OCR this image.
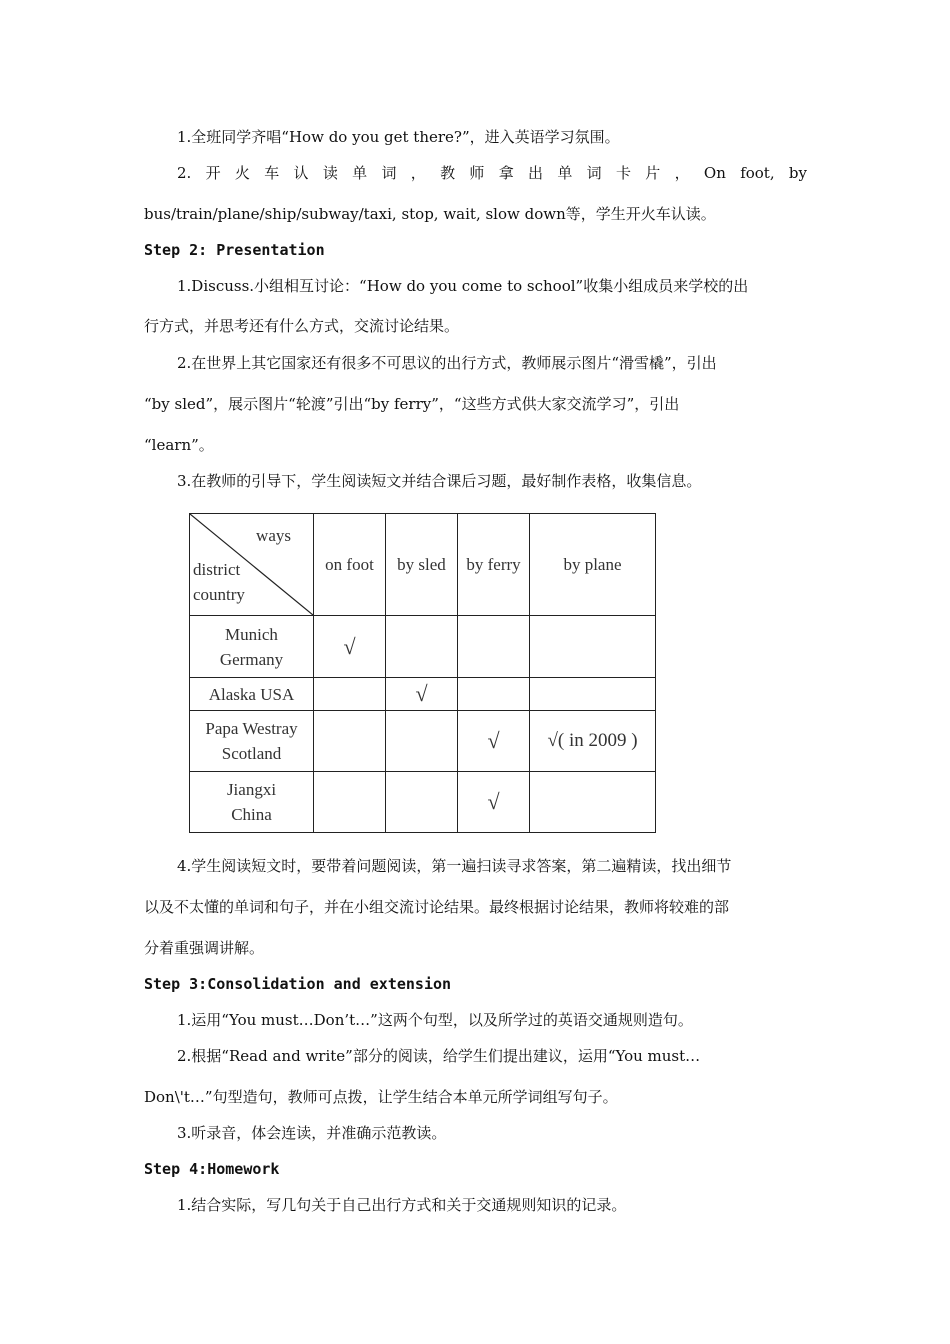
1.全班同学齐唱“How do you get there?”，进入英语学习氛围。
2. 开 火 车 认 读 单 词 ， 教 师 拿 出 单 词 卡 片 ， On foot, by
bus/train/plane/ship/subway/taxi, stop, wait, slow down等，学生开火车认读。
Step 2: Presentation
1.Discuss.小组相互讨论：“How do you come to school”收集小组成员来学校的出
行方式，并思考还有什么方式，交流讨论结果。
2.在世界上其它国家还有很多不可思议的出行方式，教师展示图片“滑雪橇”，引出
“by sled”，展示图片“轮渡”引出“by ferry”，“这些方式供大家交流学习”，引出
“learn”。
3.在教师的引导下，学生阅读短文并结合课后习题，最好制作表格，收集信息。
ways
district
country	on foot	by sled	by ferry	by plane
Munich
Germany	√			
Alaska USA		√		
Papa Westray
Scotland			√	√( in 2009 )
Jiangxi
China			√	
4.学生阅读短文时，要带着问题阅读，第一遍扫读寻求答案，第二遍精读，找出细节
以及不太懂的单词和句子，并在小组交流讨论结果。最终根据讨论结果，教师将较难的部
分着重强调讲解。
Step 3:Consolidation and extension
1.运用“You must…Don’t…”这两个句型，以及所学过的英语交通规则造句。
2.根据“Read and write”部分的阅读，给学生们提出建议，运用“You must…
Don\'t…”句型造句，教师可点拨，让学生结合本单元所学词组写句子。
3.听录音，体会连读，并准确示范教读。
Step 4:Homework
1.结合实际，写几句关于自己出行方式和关于交通规则知识的记录。
